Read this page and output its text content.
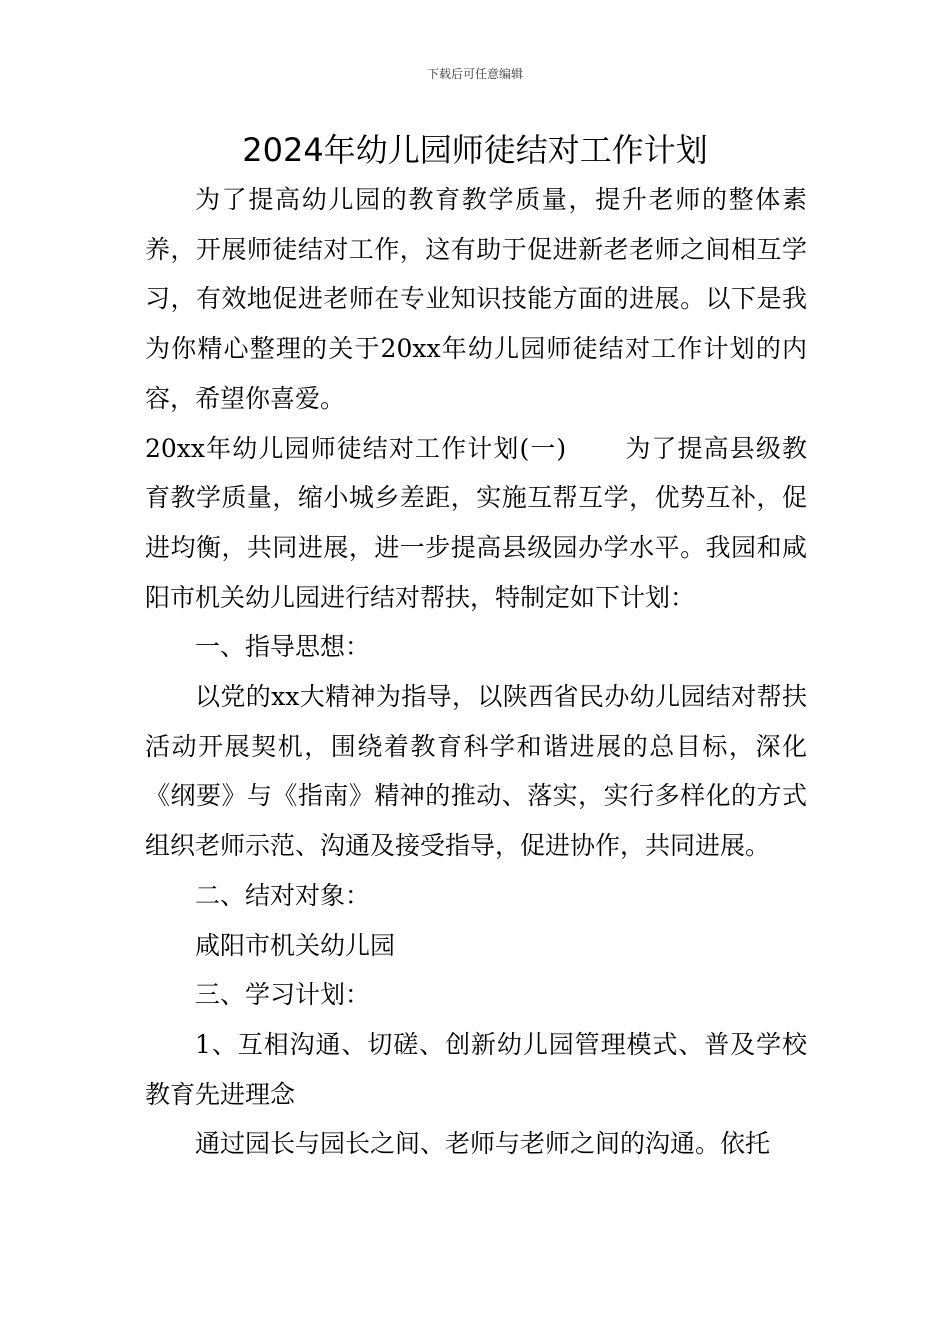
下载后可任意编辑
2024年幼儿园师徒结对工作计划

为了提高幼儿园的教育教学质量，提升老师的整体素养，开展师徒结对工作，这有助于促进新老老师之间相互学习，有效地促进老师在专业知识技能方面的进展。以下是我为你精心整理的关于20xx年幼儿园师徒结对工作计划的内容，希望你喜爱。

20xx年幼儿园师徒结对工作计划(一) 为了提高县级教育教学质量，缩小城乡差距，实施互帮互学，优势互补，促进均衡，共同进展，进一步提高县级园办学水平。我园和咸阳市机关幼儿园进行结对帮扶，特制定如下计划：

一、指导思想：

以党的xx大精神为指导，以陕西省民办幼儿园结对帮扶活动开展契机，围绕着教育科学和谐进展的总目标，深化《纲要》与《指南》精神的推动、落实，实行多样化的方式组织老师示范、沟通及接受指导，促进协作，共同进展。

二、结对对象：

咸阳市机关幼儿园

三、学习计划：

1、互相沟通、切磋、创新幼儿园管理模式、普及学校教育先进理念

通过园长与园长之间、老师与老师之间的沟通。依托
